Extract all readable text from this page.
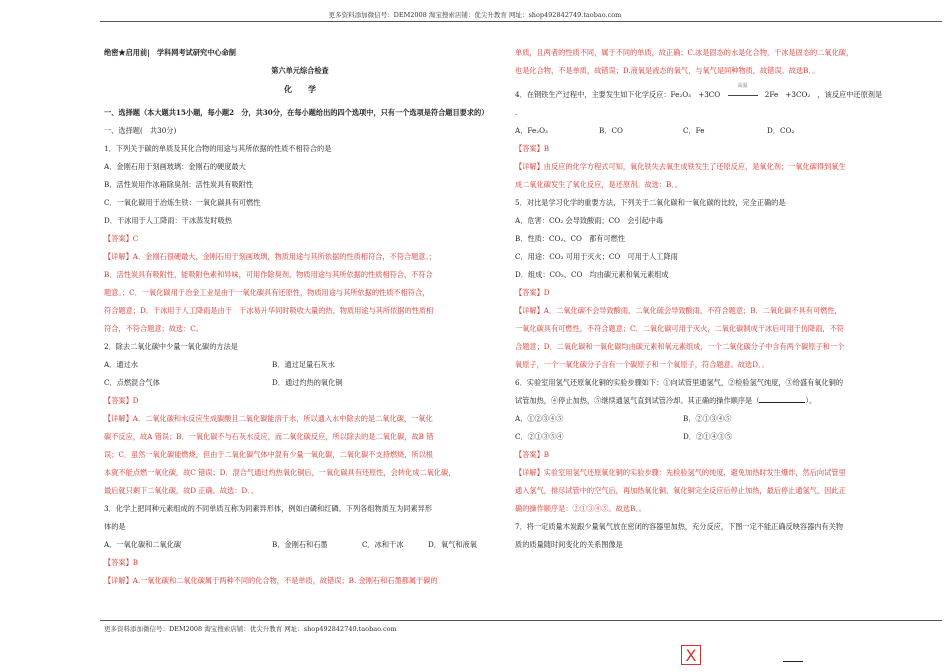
更多资料添加微信号：DEM2008 淘宝搜索店铺：优尖升教育 网址：shop492842749.taobao.com

绝密★启用前|　学科网考试研究中心命制

第六单元综合检查

化　　学

一、选择题（本大题共15小题，每小题2　分，共30分，在每小题给出的四个选项中，只有一个选项是符合题目要求的）

一、选择题(　共30分)

1．下列关于碳的单质及其化合物的用途与其所依据的性质不相符合的是

A．金刚石用于刻画玻璃：金刚石的硬度最大

B．活性炭用作冰箱除臭剂：活性炭具有吸附性

C．一氧化碳用于冶炼生铁：一氧化碳具有可燃性

D．干冰用于人工降雨：干冰蒸发时吸热

【答案】C

【详解】A．金刚石很硬最大，金刚石用于刻画玻璃，物质用途与其所依据的性质相符合，不符合题意。；

B．活性炭具有吸附性，能吸附色素和异味，可用作除臭剂，物质用途与其所依据的性质相符合，不符合

题意。；C．一氧化碳用于冶金工业是由于一氧化碳具有还原性，物质用途与其所依据的性质不相符合，

符合题意；D．干冰用于人工降雨是由于　干冰易升华同时吸收大量的热，物质用途与其所依据的性质相

符合，不符合题意；故选：C。

2．除去二氧化碳中少量一氧化碳的方法是

A．通过水	B．通过足量石灰水
C．点燃混合气体	D．通过灼热的氧化铜

【答案】D

【详解】A．二氧化碳和水反应生成碳酸且二氧化碳能溶于水，所以通入水中除去的是二氧化碳，一氧化

碳不反应，故A 错误；B．一氧化碳不与石灰水反应，而二氧化碳反应，所以除去的是二氧化碳，故B 错

误；C．虽然一氧化碳能燃烧，但由于二氧化碳气体中混有少量一氧化碳，二氧化碳不支持燃烧，所以根

本就不能点燃一氧化碳，故C 错误；D．混合气通过灼热氧化铜后，一氧化碳具有还原性，会转化成二氧化碳，

最后就只剩下二氧化碳，故D 正确。故选：D．。

3．化学上把同种元素组成的不同单质互称为同素异形体，例如白磷和红磷。下列各组物质互为同素异形

体的是

A．一氧化碳和二氧化碳	B．金刚石和石墨	C．冰和干冰	D．氧气和液氧

【答案】B

【详解】A.一氧化碳和二氧化碳属于两种不同的化合物，不是单质，故错误；B. 金刚石和石墨都属于碳的

单质，且两者的性质不同，属于不同的单质，故正确；C.冰是固态的水是化合物，干冰是固态的二氧化碳，

也是化合物，不是单质，故错误；D.液氧是液态的氧气，与氧气是同种物质，故错误。故选B．。

4．在钢铁生产过程中，主要发生如下化学反应：Fe₂O₃　+3CO
高温
2Fe　+3CO₂　，该反应中还原剂是

.

A．Fe₂O₃	B．CO	C．Fe	D．CO₂

【答案】B

【详解】由反应的化学方程式可知，氧化铁失去氧生成铁发生了还原反应，是氧化剂；一氧化碳得到氧生

成二氧化碳发生了氧化反应，是还原剂。故选：B．。

5．对比是学习化学的重要方法，下列关于二氧化碳和一氧化碳的比较，完全正确的是

A．危害：CO₂ 会导致酸雨；CO　会引起中毒

B．性质：CO₂、CO　都有可燃性

C．用途：CO₂ 可用于灭火；CO　可用于人工降雨

D．组成：CO₂、CO　均由碳元素和氧元素组成

【答案】D

【详解】A．二氧化碳不会导致酸雨，二氧化硫会导致酸雨，不符合题意；B．二氧化碳不具有可燃性，

一氧化碳具有可燃性，不符合题意；C．二氧化碳可用于灭火，二氧化碳制成干冰后可用于仿降雨，不符

合题意；D．二氧化碳和一氧化碳均由碳元素和氧元素组成，一个二氧化碳分子中含有两个碳原子和一个

氧原子，一个一氧化碳分子含有一个碳原子和一个氧原子，符合题意。故选D．。

6．实验室用氢气还原氧化铜的实验步骤如下：①向试管里通氢气，②检验氢气纯度，③给盛有氧化铜的

试管加热，④停止加热，⑤继续通氢气直到试管冷却。其正确的操作顺序是（	）。

A．①②③④⑤	B．②①③④⑤
C．②①③⑤④	D．②①④③⑤

【答案】B

【详解】实验室用氢气还原氧化铜的实验步骤：先检验氢气的纯度，避免加热时发生爆炸，然后向试管里

通入氢气，排尽试管中的空气后，再加热氧化铜，氧化铜完全反应后停止加热，最后停止通氢气，因此正

确的操作顺序是：②①③④⑤。故选B．。

7．将一定质量木炭跟少量氧气放在密闭的容器里加热，充分反应，下图一定不能正确反映容器内有关物

质的质量随时间变化的关系图像是

更多资料添加微信号：DEM2008 淘宝搜索店铺：优尖升教育 网址：shop492842749.taobao.com
X
